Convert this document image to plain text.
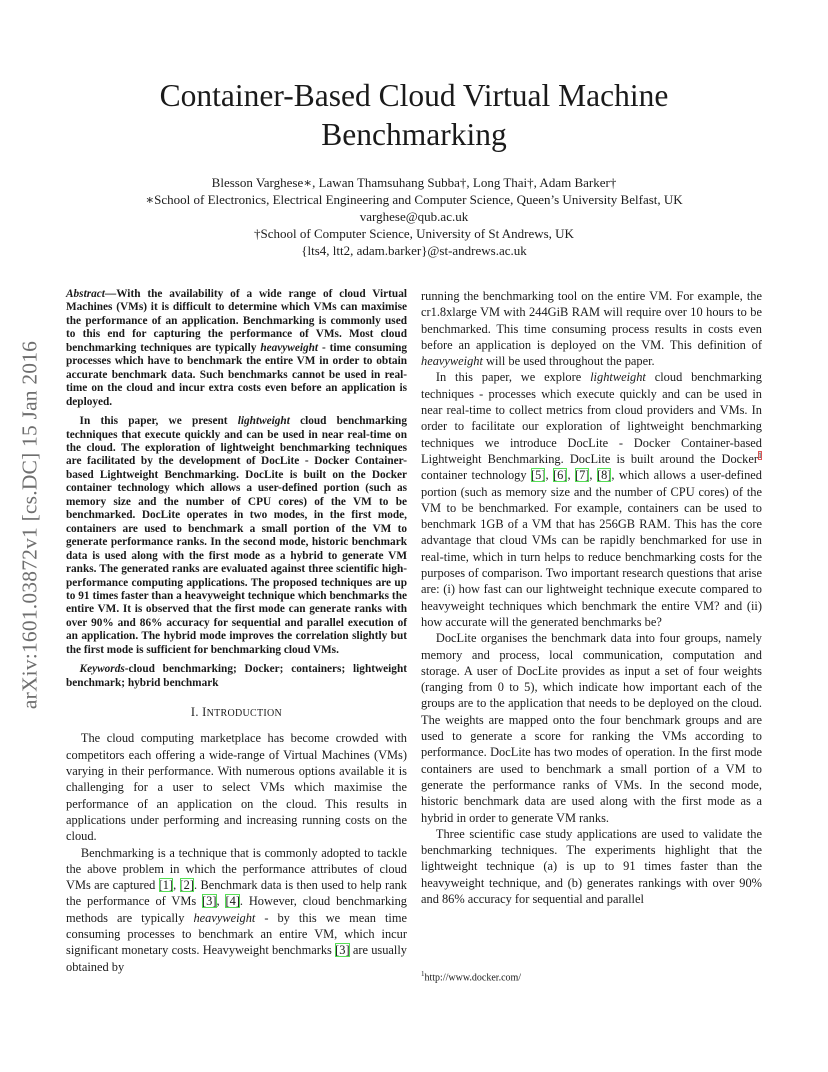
arXiv:1601.03872v1 [cs.DC] 15 Jan 2016
Container-Based Cloud Virtual Machine Benchmarking
Blesson Varghese∗, Lawan Thamsuhang Subba†, Long Thai†, Adam Barker†
∗School of Electronics, Electrical Engineering and Computer Science, Queen’s University Belfast, UK
varghese@qub.ac.uk
†School of Computer Science, University of St Andrews, UK
{lts4, ltt2, adam.barker}@st-andrews.ac.uk

Abstract—With the availability of a wide range of cloud Virtual Machines (VMs) it is difficult to determine which VMs can maximise the performance of an application. Benchmarking is commonly used to this end for capturing the performance of VMs. Most cloud benchmarking techniques are typically heavyweight - time consuming processes which have to benchmark the entire VM in order to obtain accurate benchmark data. Such benchmarks cannot be used in real-time on the cloud and incur extra costs even before an application is deployed.

In this paper, we present lightweight cloud benchmarking techniques that execute quickly and can be used in near real-time on the cloud. The exploration of lightweight benchmarking techniques are facilitated by the development of DocLite - Docker Container-based Lightweight Benchmarking. DocLite is built on the Docker container technology which allows a user-defined portion (such as memory size and the number of CPU cores) of the VM to be benchmarked. DocLite operates in two modes, in the first mode, containers are used to benchmark a small portion of the VM to generate performance ranks. In the second mode, historic benchmark data is used along with the first mode as a hybrid to generate VM ranks. The generated ranks are evaluated against three scientific high-performance computing applications. The proposed techniques are up to 91 times faster than a heavyweight technique which benchmarks the entire VM. It is observed that the first mode can generate ranks with over 90% and 86% accuracy for sequential and parallel execution of an application. The hybrid mode improves the correlation slightly but the first mode is sufficient for benchmarking cloud VMs.

Keywords-cloud benchmarking; Docker; containers; lightweight benchmark; hybrid benchmark

I. INTRODUCTION

The cloud computing marketplace has become crowded with competitors each offering a wide-range of Virtual Machines (VMs) varying in their performance. With numerous options available it is challenging for a user to select VMs which maximise the performance of an application on the cloud. This results in applications under performing and increasing running costs on the cloud.

Benchmarking is a technique that is commonly adopted to tackle the above problem in which the performance attributes of cloud VMs are captured [1], [2]. Benchmark data is then used to help rank the performance of VMs [3], [4]. However, cloud benchmarking methods are typically heavyweight - by this we mean time consuming processes to benchmark an entire VM, which incur significant monetary costs. Heavyweight benchmarks [3] are usually obtained by

running the benchmarking tool on the entire VM. For example, the cr1.8xlarge VM with 244GiB RAM will require over 10 hours to be benchmarked. This time consuming process results in costs even before an application is deployed on the VM. This definition of heavyweight will be used throughout the paper.

In this paper, we explore lightweight cloud benchmarking techniques - processes which execute quickly and can be used in near real-time to collect metrics from cloud providers and VMs. In order to facilitate our exploration of lightweight benchmarking techniques we introduce DocLite - Docker Container-based Lightweight Benchmarking. DocLite is built around the Docker$^1$ container technology [5], [6], [7], [8], which allows a user-defined portion (such as memory size and the number of CPU cores) of the VM to be benchmarked. For example, containers can be used to benchmark 1GB of a VM that has 256GB RAM. This has the core advantage that cloud VMs can be rapidly benchmarked for use in real-time, which in turn helps to reduce benchmarking costs for the purposes of comparison. Two important research questions that arise are: (i) how fast can our lightweight technique execute compared to heavyweight techniques which benchmark the entire VM? and (ii) how accurate will the generated benchmarks be?

DocLite organises the benchmark data into four groups, namely memory and process, local communication, computation and storage. A user of DocLite provides as input a set of four weights (ranging from 0 to 5), which indicate how important each of the groups are to the application that needs to be deployed on the cloud. The weights are mapped onto the four benchmark groups and are used to generate a score for ranking the VMs according to performance. DocLite has two modes of operation. In the first mode containers are used to benchmark a small portion of a VM to generate the performance ranks of VMs. In the second mode, historic benchmark data are used along with the first mode as a hybrid in order to generate VM ranks.

Three scientific case study applications are used to validate the benchmarking techniques. The experiments highlight that the lightweight technique (a) is up to 91 times faster than the heavyweight technique, and (b) generates rankings with over 90% and 86% accuracy for sequential and parallel

$^1$http://www.docker.com/
